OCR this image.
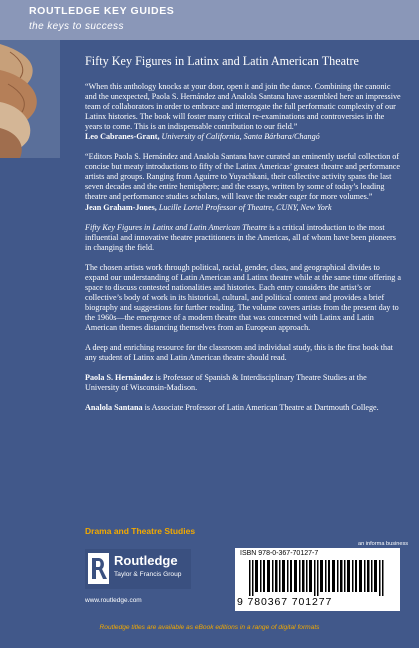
ROUTLEDGE KEY GUIDES
the keys to success
Fifty Key Figures in Latinx and Latin American Theatre

“When this anthology knocks at your door, open it and join the dance. Combining the canonic and the unexpected, Paola S. Hernández and Analola Santana have assembled here an impressive team of collaborators in order to embrace and interrogate the full performatic complexity of our Latinx histories. The book will foster many critical re-examinations and controversies in the years to come. This is an indispensable contribution to our field.”

Leo Cabranes-Grant, University of California, Santa Bárbara/Changó

“Editors Paola S. Hernández and Analola Santana have curated an eminently useful collection of concise but meaty introductions to fifty of the Latinx Americas’ greatest theatre and performance artists and groups. Ranging from Aguirre to Yuyachkani, their collective activity spans the last seven decades and the entire hemisphere; and the essays, written by some of today’s leading theatre and performance studies scholars, will leave the reader eager for more volumes.”

Jean Graham-Jones, Lucille Lortel Professor of Theatre, CUNY, New York

Fifty Key Figures in Latinx and Latin American Theatre is a critical introduction to the most influential and innovative theatre practitioners in the Americas, all of whom have been pioneers in changing the field.

The chosen artists work through political, racial, gender, class, and geographical divides to expand our understanding of Latin American and Latinx theatre while at the same time offering a space to discuss contested nationalities and histories. Each entry considers the artist’s or collective’s body of work in its historical, cultural, and political context and provides a brief biography and suggestions for further reading. The volume covers artists from the present day to the 1960s—the emergence of a modern theatre that was concerned with Latinx and Latin American themes distancing themselves from an European approach.

A deep and enriching resource for the classroom and individual study, this is the first book that any student of Latinx and Latin American theatre should read.

Paola S. Hernández is Professor of Spanish & Interdisciplinary Theatre Studies at the University of Wisconsin-Madison.

Analola Santana is Associate Professor of Latin American Theatre at Dartmouth College.

Drama and Theatre Studies
Routledge
Taylor & Francis Group
www.routledge.com
an informa business
ISBN 978-0-367-70127-7
9 780367 701277
Routledge titles are available as eBook editions in a range of digital formats
